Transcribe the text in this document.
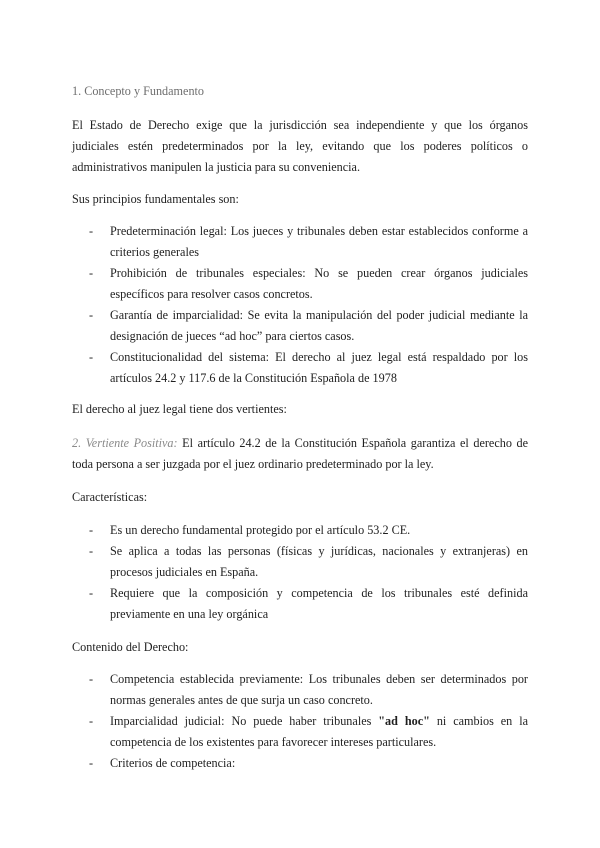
1. Concepto y Fundamento

El Estado de Derecho exige que la jurisdicción sea independiente y que los órganos judiciales estén predeterminados por la ley, evitando que los poderes políticos o administrativos manipulen la justicia para su conveniencia.

Sus principios fundamentales son:

- Predeterminación legal: Los jueces y tribunales deben estar establecidos conforme a criterios generales
- Prohibición de tribunales especiales: No se pueden crear órganos judiciales específicos para resolver casos concretos.
- Garantía de imparcialidad: Se evita la manipulación del poder judicial mediante la designación de jueces “ad hoc” para ciertos casos.
- Constitucionalidad del sistema: El derecho al juez legal está respaldado por los artículos 24.2 y 117.6 de la Constitución Española de 1978

El derecho al juez legal tiene dos vertientes:

2. Vertiente Positiva: El artículo 24.2 de la Constitución Española garantiza el derecho de toda persona a ser juzgada por el juez ordinario predeterminado por la ley.

Características:

- Es un derecho fundamental protegido por el artículo 53.2 CE.
- Se aplica a todas las personas (físicas y jurídicas, nacionales y extranjeras) en procesos judiciales en España.
- Requiere que la composición y competencia de los tribunales esté definida previamente en una ley orgánica

Contenido del Derecho:

- Competencia establecida previamente: Los tribunales deben ser determinados por normas generales antes de que surja un caso concreto.
- Imparcialidad judicial: No puede haber tribunales "ad hoc" ni cambios en la competencia de los existentes para favorecer intereses particulares.
- Criterios de competencia:
